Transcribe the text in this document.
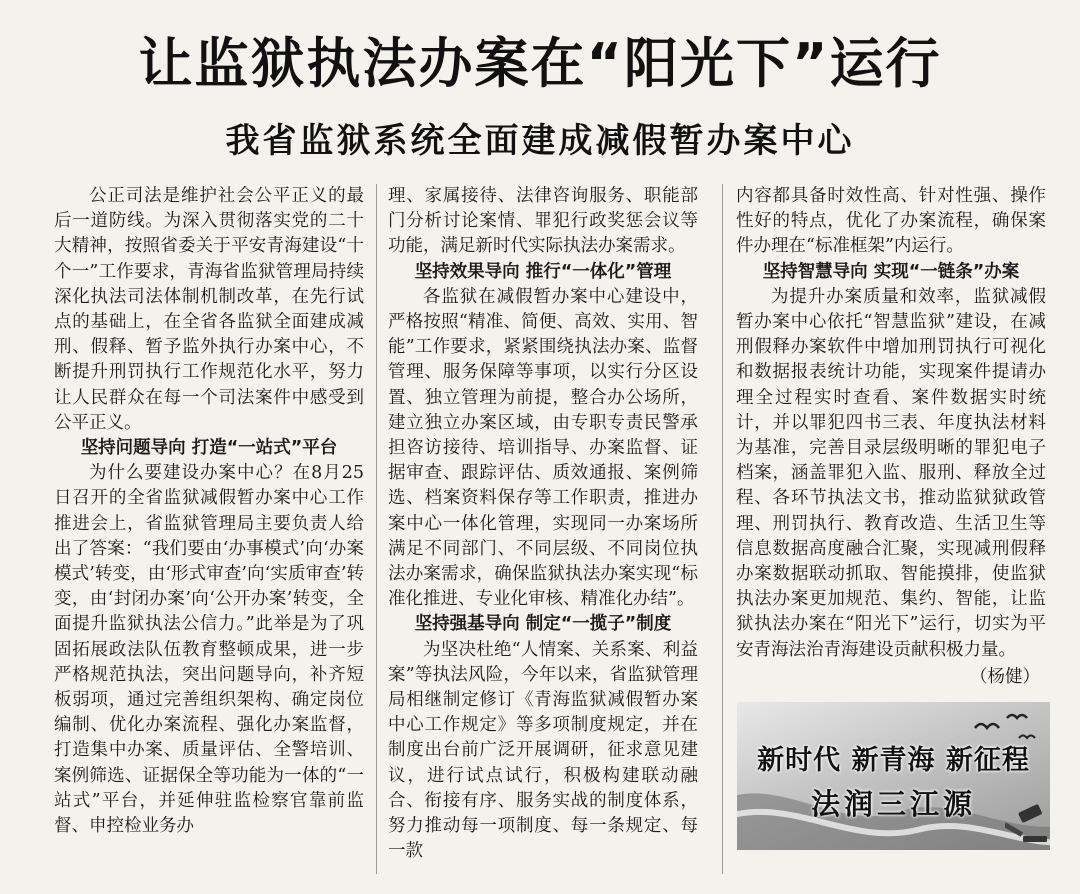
让监狱执法办案在“阳光下”运行
我省监狱系统全面建成减假暂办案中心

公正司法是维护社会公平正义的最后一道防线。为深入贯彻落实党的二十大精神，按照省委关于平安青海建设“十个一”工作要求，青海省监狱管理局持续深化执法司法体制机制改革，在先行试点的基础上，在全省各监狱全面建成减刑、假释、暂予监外执行办案中心，不断提升刑罚执行工作规范化水平，努力让人民群众在每一个司法案件中感受到公平正义。

坚持问题导向 打造“一站式”平台

为什么要建设办案中心？在8月25日召开的全省监狱减假暂办案中心工作推进会上，省监狱管理局主要负责人给出了答案：“我们要由‘办事模式’向‘办案模式’转变，由‘形式审查’向‘实质审查’转变，由‘封闭办案’向‘公开办案’转变，全面提升监狱执法公信力。”此举是为了巩固拓展政法队伍教育整顿成果，进一步严格规范执法，突出问题导向，补齐短板弱项，通过完善组织架构、确定岗位编制、优化办案流程、强化办案监督，打造集中办案、质量评估、全警培训、案例筛选、证据保全等功能为一体的“一站式”平台，并延伸驻监检察官靠前监督、申控检业务办

理、家属接待、法律咨询服务、职能部门分析讨论案情、罪犯行政奖惩会议等功能，满足新时代实际执法办案需求。

坚持效果导向 推行“一体化”管理

各监狱在减假暂办案中心建设中，严格按照“精准、简便、高效、实用、智能”工作要求，紧紧围绕执法办案、监督管理、服务保障等事项，以实行分区设置、独立管理为前提，整合办公场所，建立独立办案区域，由专职专责民警承担咨访接待、培训指导、办案监督、证据审查、跟踪评估、质效通报、案例筛选、档案资料保存等工作职责，推进办案中心一体化管理，实现同一办案场所满足不同部门、不同层级、不同岗位执法办案需求，确保监狱执法办案实现“标准化推进、专业化审核、精准化办结”。

坚持强基导向 制定“一揽子”制度

为坚决杜绝“人情案、关系案、利益案”等执法风险，今年以来，省监狱管理局相继制定修订《青海监狱减假暂办案中心工作规定》等多项制度规定，并在制度出台前广泛开展调研，征求意见建议，进行试点试行，积极构建联动融合、衔接有序、服务实战的制度体系，努力推动每一项制度、每一条规定、每一款

内容都具备时效性高、针对性强、操作性好的特点，优化了办案流程，确保案件办理在“标准框架”内运行。

坚持智慧导向 实现“一链条”办案

为提升办案质量和效率，监狱减假暂办案中心依托“智慧监狱”建设，在减刑假释办案软件中增加刑罚执行可视化和数据报表统计功能，实现案件提请办理全过程实时查看、案件数据实时统计，并以罪犯四书三表、年度执法材料为基准，完善目录层级明晰的罪犯电子档案，涵盖罪犯入监、服刑、释放全过程、各环节执法文书，推动监狱狱政管理、刑罚执行、教育改造、生活卫生等信息数据高度融合汇聚，实现减刑假释办案数据联动抓取、智能摸排，使监狱执法办案更加规范、集约、智能，让监狱执法办案在“阳光下”运行，切实为平安青海法治青海建设贡献积极力量。

（杨健）

新时代 新青海 新征程
法润三江源
